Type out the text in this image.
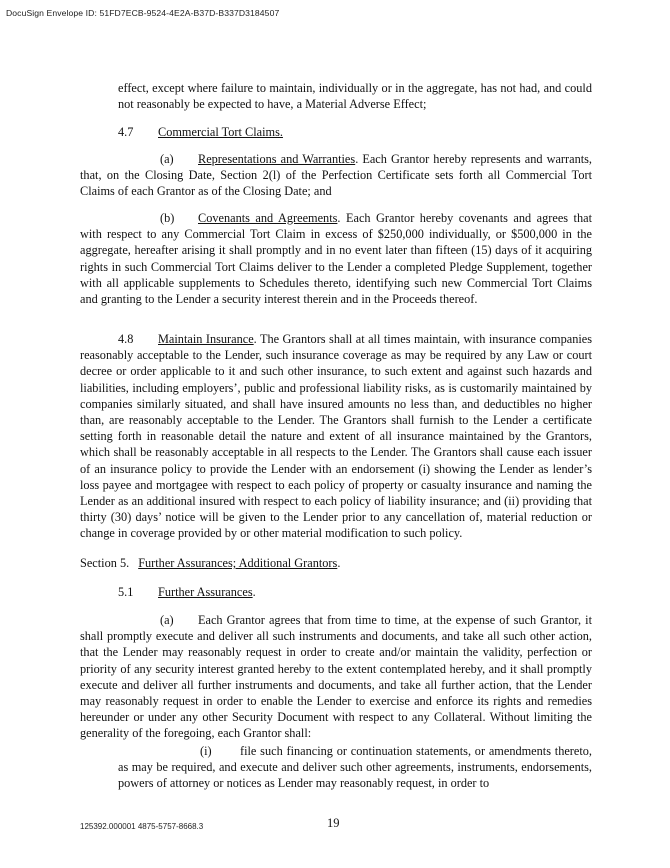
DocuSign Envelope ID: 51FD7ECB-9524-4E2A-B37D-B337D3184507

effect, except where failure to maintain, individually or in the aggregate, has not had, and could not reasonably be expected to have, a Material Adverse Effect;

4.7 Commercial Tort Claims.

(a) Representations and Warranties. Each Grantor hereby represents and warrants, that, on the Closing Date, Section 2(l) of the Perfection Certificate sets forth all Commercial Tort Claims of each Grantor as of the Closing Date; and

(b) Covenants and Agreements. Each Grantor hereby covenants and agrees that with respect to any Commercial Tort Claim in excess of $250,000 individually, or $500,000 in the aggregate, hereafter arising it shall promptly and in no event later than fifteen (15) days of it acquiring rights in such Commercial Tort Claims deliver to the Lender a completed Pledge Supplement, together with all applicable supplements to Schedules thereto, identifying such new Commercial Tort Claims and granting to the Lender a security interest therein and in the Proceeds thereof.

4.8 Maintain Insurance. The Grantors shall at all times maintain, with insurance companies reasonably acceptable to the Lender, such insurance coverage as may be required by any Law or court decree or order applicable to it and such other insurance, to such extent and against such hazards and liabilities, including employers’, public and professional liability risks, as is customarily maintained by companies similarly situated, and shall have insured amounts no less than, and deductibles no higher than, are reasonably acceptable to the Lender. The Grantors shall furnish to the Lender a certificate setting forth in reasonable detail the nature and extent of all insurance maintained by the Grantors, which shall be reasonably acceptable in all respects to the Lender. The Grantors shall cause each issuer of an insurance policy to provide the Lender with an endorsement (i) showing the Lender as lender’s loss payee and mortgagee with respect to each policy of property or casualty insurance and naming the Lender as an additional insured with respect to each policy of liability insurance; and (ii) providing that thirty (30) days’ notice will be given to the Lender prior to any cancellation of, material reduction or change in coverage provided by or other material modification to such policy.

Section 5. Further Assurances; Additional Grantors.
5.1 Further Assurances.

(a) Each Grantor agrees that from time to time, at the expense of such Grantor, it shall promptly execute and deliver all such instruments and documents, and take all such other action, that the Lender may reasonably request in order to create and/or maintain the validity, perfection or priority of any security interest granted hereby to the extent contemplated hereby, and it shall promptly execute and deliver all further instruments and documents, and take all further action, that the Lender may reasonably request in order to enable the Lender to exercise and enforce its rights and remedies hereunder or under any other Security Document with respect to any Collateral. Without limiting the generality of the foregoing, each Grantor shall:

(i) file such financing or continuation statements, or amendments thereto, as may be required, and execute and deliver such other agreements, instruments, endorsements, powers of attorney or notices as Lender may reasonably request, in order to

125392.000001 4875-5757-8668.3	19
